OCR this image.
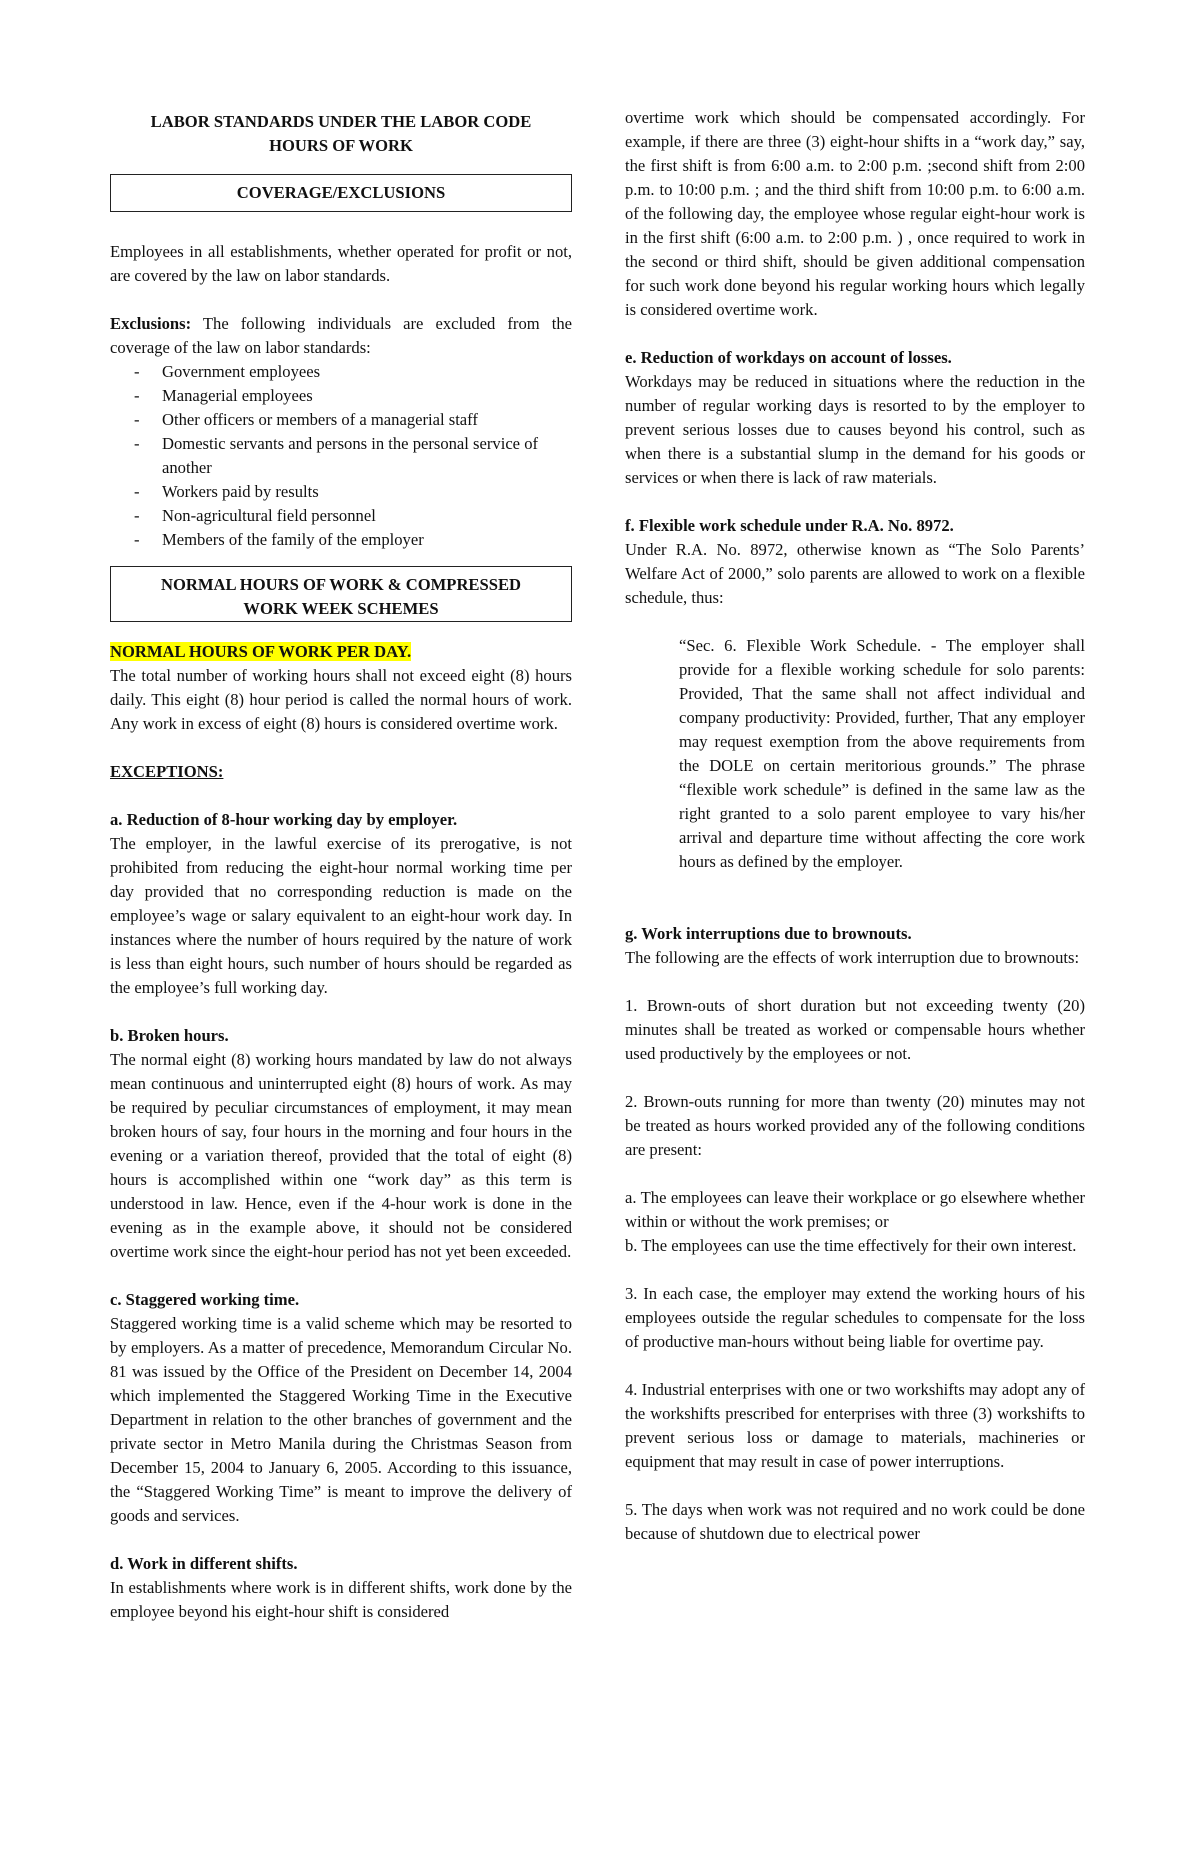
LABOR STANDARDS UNDER THE LABOR CODE

HOURS OF WORK

COVERAGE/EXCLUSIONS

Employees in all establishments, whether operated for profit or not, are covered by the law on labor standards.

Exclusions: The following individuals are excluded from the coverage of the law on labor standards:

- Government employees
- Managerial employees
- Other officers or members of a managerial staff
- Domestic servants and persons in the personal service of another
- Workers paid by results
- Non-agricultural field personnel
- Members of the family of the employer
NORMAL HOURS OF WORK & COMPRESSED
WORK WEEK SCHEMES

NORMAL HOURS OF WORK PER DAY.

The total number of working hours shall not exceed eight (8) hours daily. This eight (8) hour period is called the normal hours of work. Any work in excess of eight (8) hours is considered overtime work.

EXCEPTIONS:

a. Reduction of 8-hour working day by employer.

The employer, in the lawful exercise of its prerogative, is not prohibited from reducing the eight-hour normal working time per day provided that no corresponding reduction is made on the employee’s wage or salary equivalent to an eight-hour work day. In instances where the number of hours required by the nature of work is less than eight hours, such number of hours should be regarded as the employee’s full working day.

b. Broken hours.

The normal eight (8) working hours mandated by law do not always mean continuous and uninterrupted eight (8) hours of work. As may be required by peculiar circumstances of employment, it may mean broken hours of say, four hours in the morning and four hours in the evening or a variation thereof, provided that the total of eight (8) hours is accomplished within one “work day” as this term is understood in law. Hence, even if the 4-hour work is done in the evening as in the example above, it should not be considered overtime work since the eight-hour period has not yet been exceeded.

c. Staggered working time.

Staggered working time is a valid scheme which may be resorted to by employers. As a matter of precedence, Memorandum Circular No. 81 was issued by the Office of the President on December 14, 2004 which implemented the Staggered Working Time in the Executive Department in relation to the other branches of government and the private sector in Metro Manila during the Christmas Season from December 15, 2004 to January 6, 2005. According to this issuance, the “Staggered Working Time” is meant to improve the delivery of goods and services.

d. Work in different shifts.

In establishments where work is in different shifts, work done by the employee beyond his eight-hour shift is considered

overtime work which should be compensated accordingly. For example, if there are three (3) eight-hour shifts in a “work day,” say, the first shift is from 6:00 a.m. to 2:00 p.m. ;second shift from 2:00 p.m. to 10:00 p.m. ; and the third shift from 10:00 p.m. to 6:00 a.m. of the following day, the employee whose regular eight-hour work is in the first shift (6:00 a.m. to 2:00 p.m. ) , once required to work in the second or third shift, should be given additional compensation for such work done beyond his regular working hours which legally is considered overtime work.

e. Reduction of workdays on account of losses.

Workdays may be reduced in situations where the reduction in the number of regular working days is resorted to by the employer to prevent serious losses due to causes beyond his control, such as when there is a substantial slump in the demand for his goods or services or when there is lack of raw materials.

f. Flexible work schedule under R.A. No. 8972.

Under R.A. No. 8972, otherwise known as “The Solo Parents’ Welfare Act of 2000,” solo parents are allowed to work on a flexible schedule, thus:

“Sec. 6. Flexible Work Schedule. - The employer shall provide for a flexible working schedule for solo parents: Provided, That the same shall not affect individual and company productivity: Provided, further, That any employer may request exemption from the above requirements from the DOLE on certain meritorious grounds.” The phrase “flexible work schedule” is defined in the same law as the right granted to a solo parent employee to vary his/her arrival and departure time without affecting the core work hours as defined by the employer.

g. Work interruptions due to brownouts.

The following are the effects of work interruption due to brownouts:

1. Brown-outs of short duration but not exceeding twenty (20) minutes shall be treated as worked or compensable hours whether used productively by the employees or not.

2. Brown-outs running for more than twenty (20) minutes may not be treated as hours worked provided any of the following conditions are present:

a. The employees can leave their workplace or go elsewhere whether within or without the work premises; or

b. The employees can use the time effectively for their own interest.

3. In each case, the employer may extend the working hours of his employees outside the regular schedules to compensate for the loss of productive man-hours without being liable for overtime pay.

4. Industrial enterprises with one or two workshifts may adopt any of the workshifts prescribed for enterprises with three (3) workshifts to prevent serious loss or damage to materials, machineries or equipment that may result in case of power interruptions.

5. The days when work was not required and no work could be done because of shutdown due to electrical power
